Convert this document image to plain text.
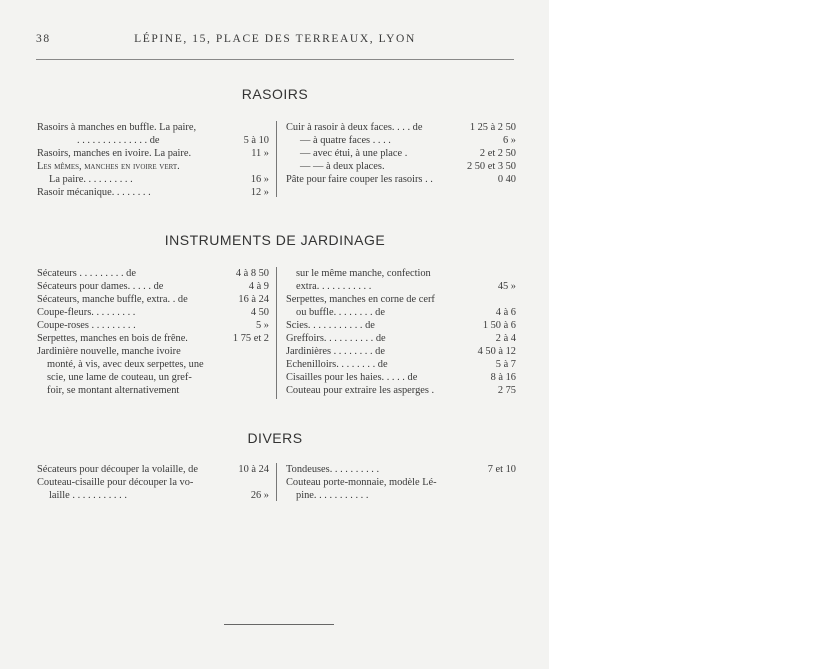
38	LÉPINE, 15, PLACE DES TERREAUX, LYON
RASOIRS
Rasoirs à manches en buffle. La paire,
. . . . . . . . . . . . . . de	5 à 10
Rasoirs, manches en ivoire. La paire.	11 »
Les mêmes, manches en ivoire vert.
La paire. . . . . . . . . .	16 »
Rasoir mécanique. . . . . . . .	12 »
Cuir à rasoir à deux faces. . . . de	1 25 à 2 50
— à quatre faces . . . .	6 »
— avec étui, à une place .	2 et 2 50
— — à deux places.	2 50 et 3 50
Pâte pour faire couper les rasoirs . .	0 40
INSTRUMENTS DE JARDINAGE
Sécateurs . . . . . . . . . de	4 à 8 50
Sécateurs pour dames. . . . . de	4 à 9
Sécateurs, manche buffle, extra. . de	16 à 24
Coupe-fleurs. . . . . . . . .	4 50
Coupe-roses . . . . . . . . .	5 »
Serpettes, manches en bois de frêne.	1 75 et 2
Jardinière nouvelle, manche ivoire
monté, à vis, avec deux serpettes, une
scie, une lame de couteau, un gref-
foir, se montant alternativement
sur le même manche, confection
extra. . . . . . . . . . .	45 »
Serpettes, manches en corne de cerf
ou buffle. . . . . . . . de	4 à 6
Scies. . . . . . . . . . . de	1 50 à 6
Greffoirs. . . . . . . . . . de	2 à 4
Jardinières . . . . . . . . de	4 50 à 12
Echenilloirs. . . . . . . . de	5 à 7
Cisailles pour les haies. . . . . de	8 à 16
Couteau pour extraire les asperges .	2 75
DIVERS
Sécateurs pour découper la volaille, de	10 à 24
Couteau-cisaille pour découper la vo-
laille . . . . . . . . . . .	26 »
Tondeuses. . . . . . . . . .	7 et 10
Couteau porte-monnaie, modèle Lé-
pine. . . . . . . . . . .
